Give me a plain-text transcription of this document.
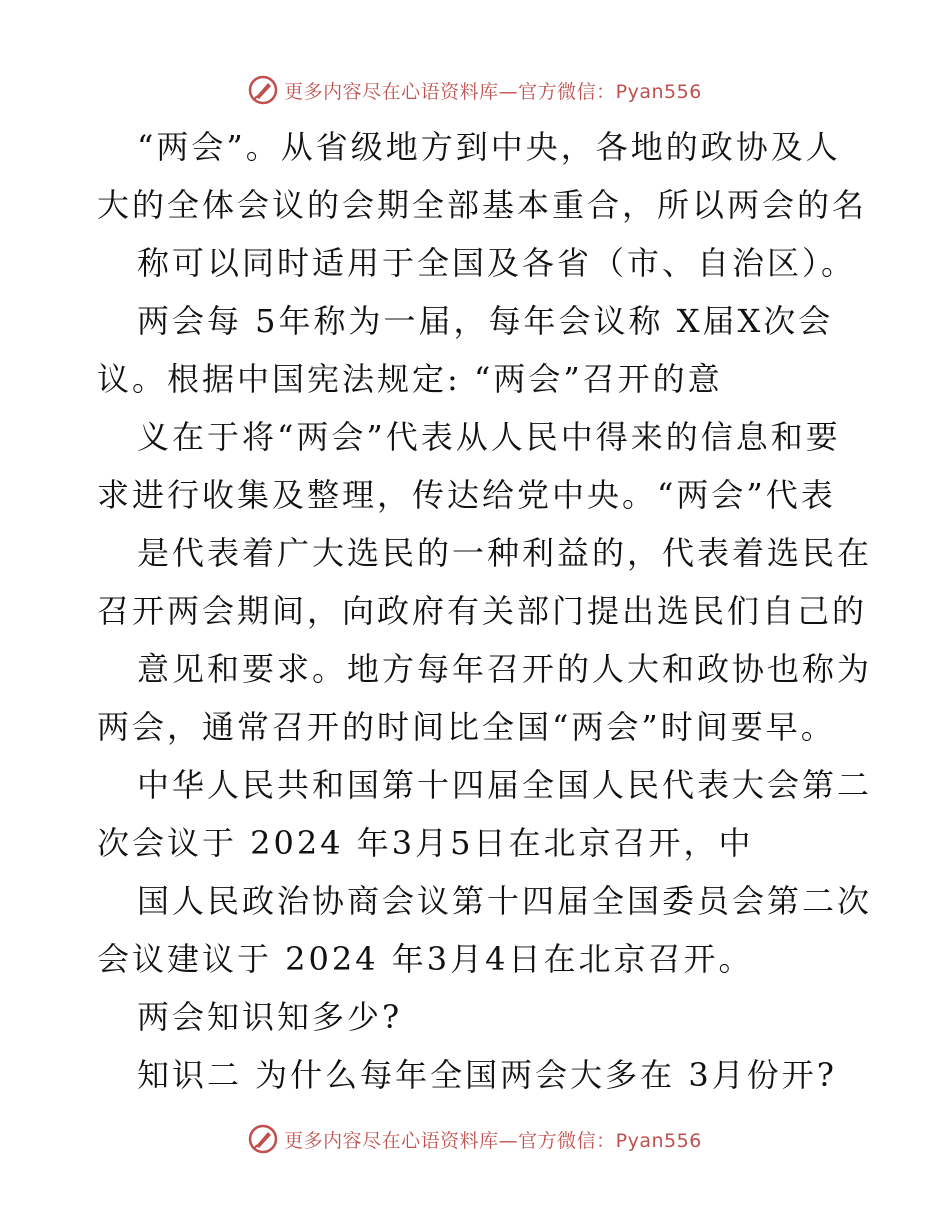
更多内容尽在心语资料库—官方微信：Pyan556
“两会”。从省级地方到中央，各地的政协及人
大的全体会议的会期全部基本重合，所以两会的名
称可以同时适用于全国及各省（市、自治区）。
两会每 5年称为一届，每年会议称 X届X次会
议。根据中国宪法规定: “两会”召开的意
义在于将“两会”代表从人民中得来的信息和要
求进行收集及整理，传达给党中央。“两会”代表
是代表着广大选民的一种利益的，代表着选民在
召开两会期间，向政府有关部门提出选民们自己的
意见和要求。地方每年召开的人大和政协也称为
两会，通常召开的时间比全国“两会”时间要早。
中华人民共和国第十四届全国人民代表大会第二
次会议于 2024 年3月5日在北京召开，中
国人民政治协商会议第十四届全国委员会第二次
会议建议于 2024 年3月4日在北京召开。
两会知识知多少?
知识二 为什么每年全国两会大多在 3月份开?
更多内容尽在心语资料库—官方微信：Pyan556
